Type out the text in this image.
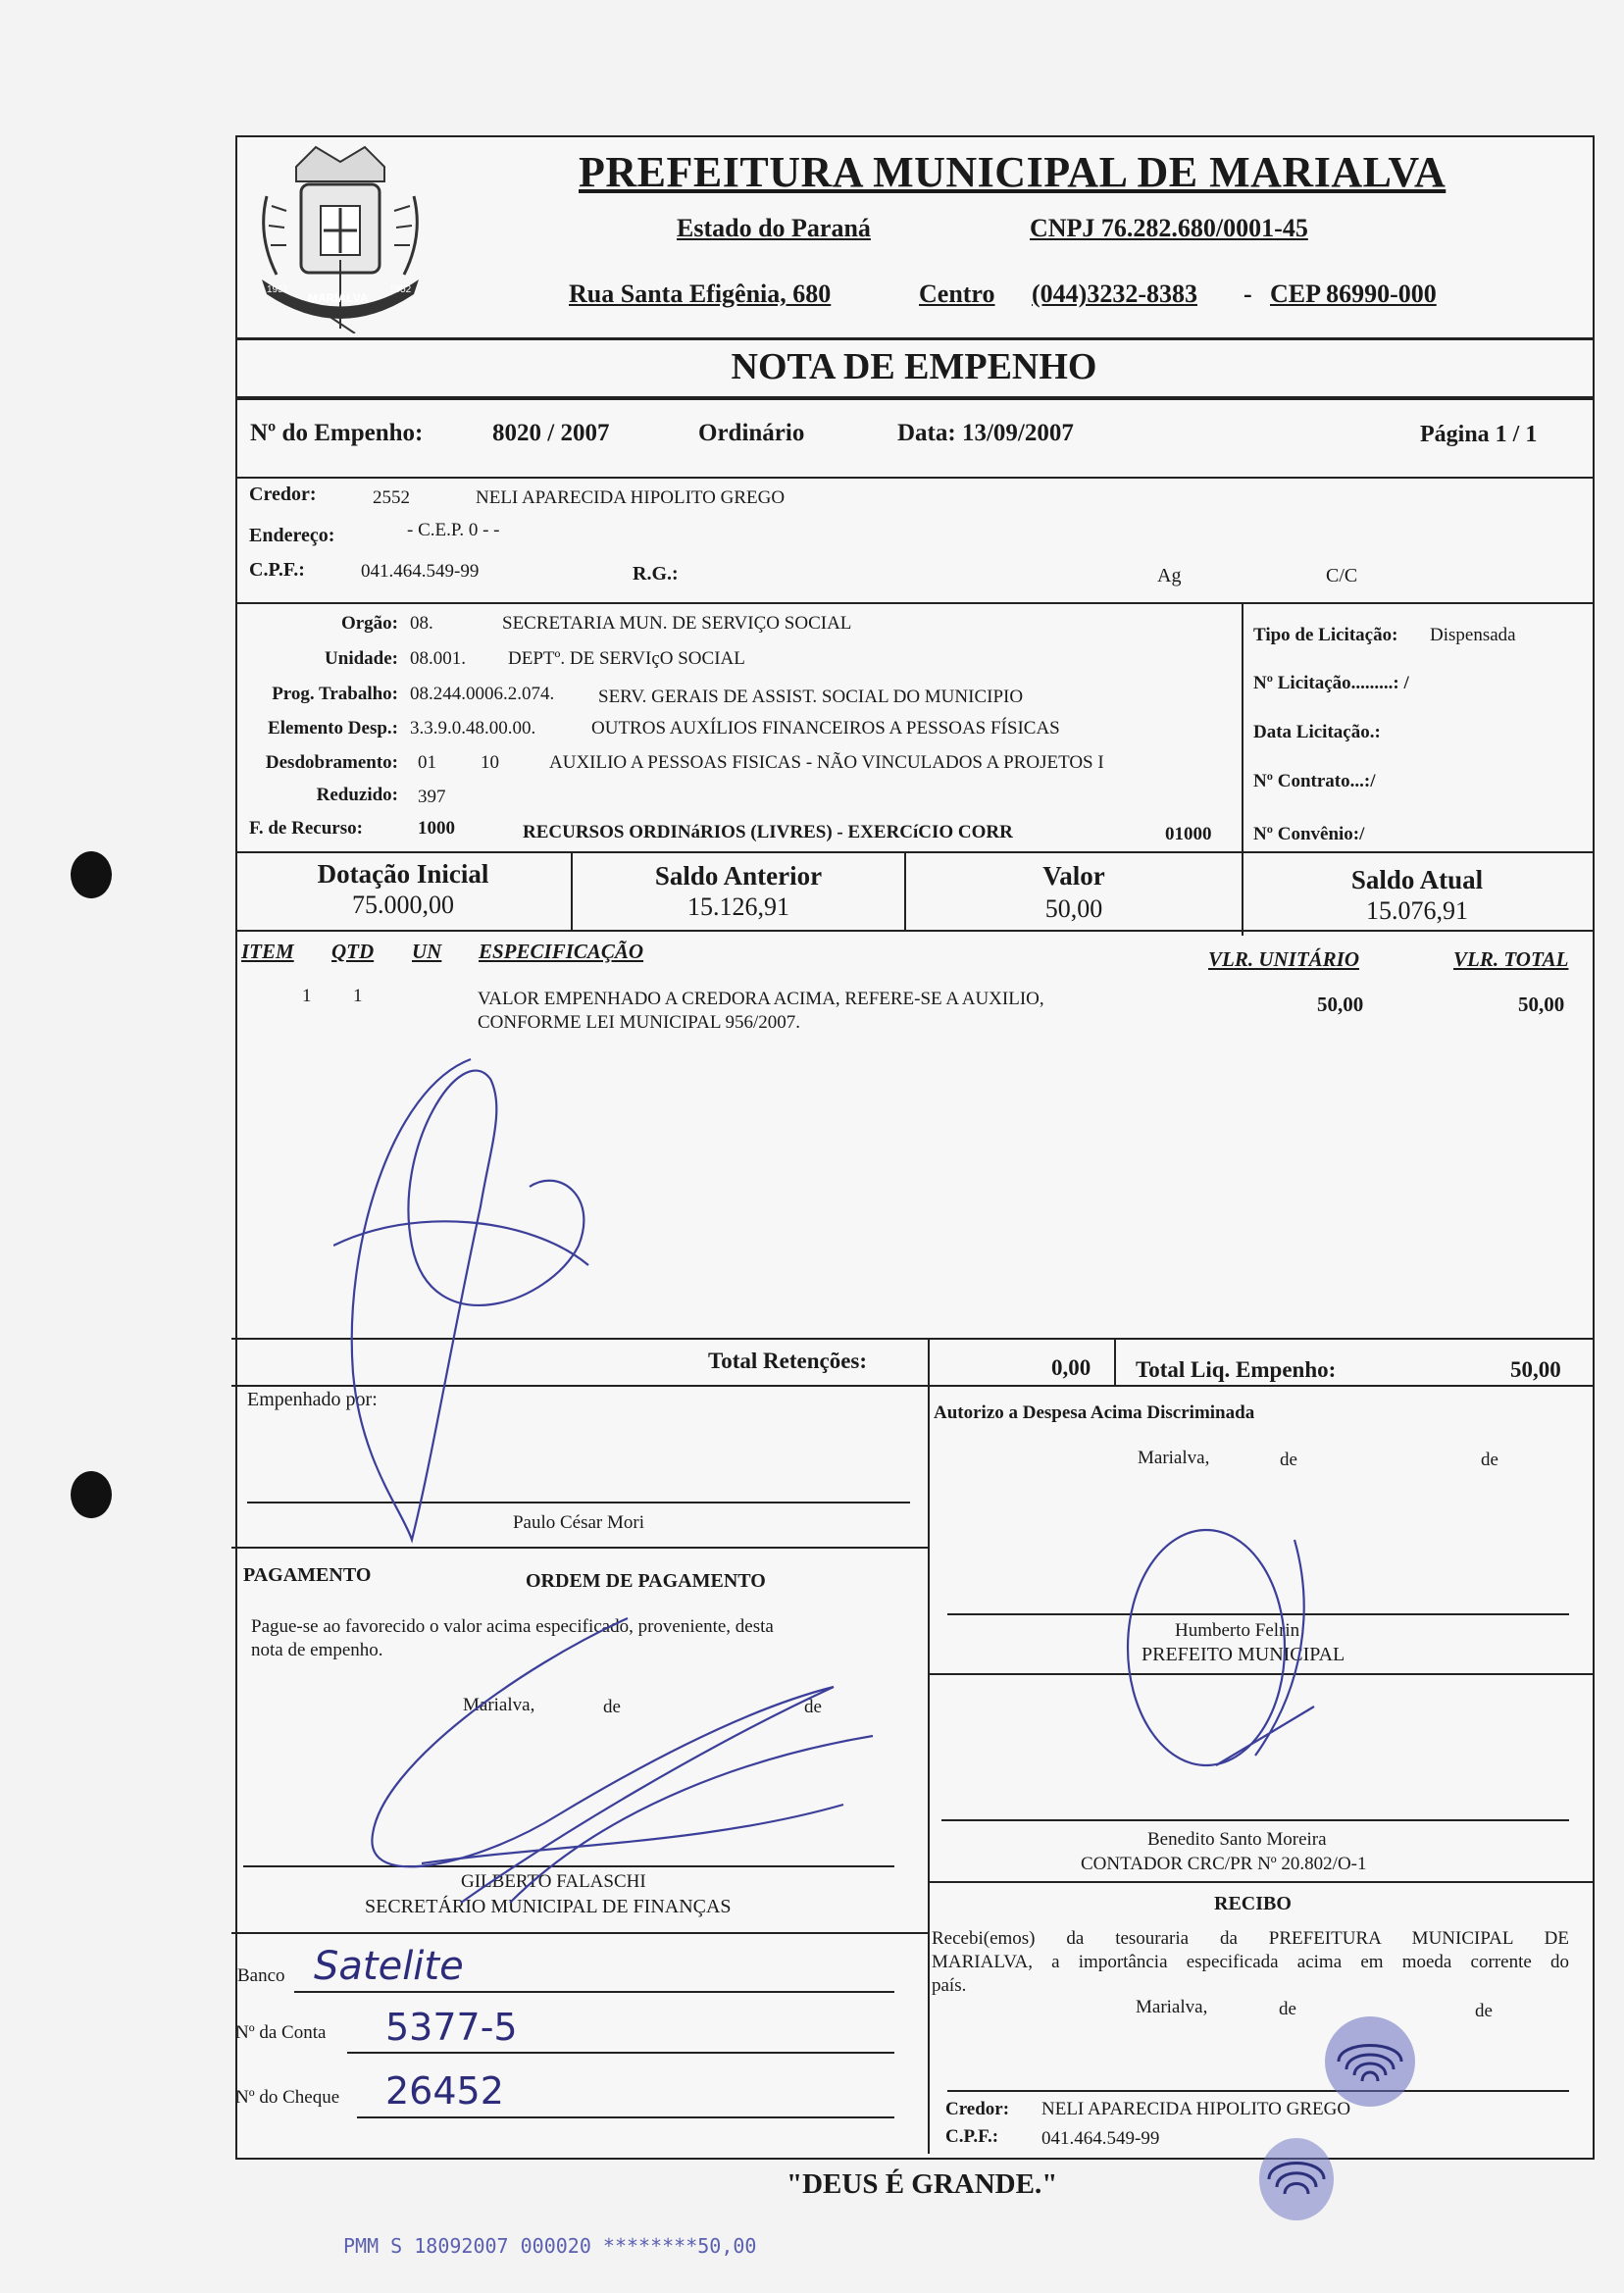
MARIALVA
1951	1952
PREFEITURA MUNICIPAL DE MARIALVA
Estado do Paraná	CNPJ 76.282.680/0001-45
Rua Santa Efigênia, 680	Centro (044)3232-8383 - CEP 86990-000
NOTA DE EMPENHO
Nº do Empenho:	8020 / 2007	Ordinário	Data: 13/09/2007	Página 1 / 1
Credor:	2552	NELI APARECIDA HIPOLITO GREGO
Endereço:	- C.E.P. 0 - -
C.P.F.:	041.464.549-99	R.G.:	Ag	C/C
Orgão: 08.	SECRETARIA MUN. DE SERVIÇO SOCIAL
Unidade: 08.001. DEPTº. DE SERVIçO SOCIAL
Prog. Trabalho: 08.244.0006.2.074. SERV. GERAIS DE ASSIST. SOCIAL DO MUNICIPIO
Elemento Desp.: 3.3.9.0.48.00.00.	OUTROS AUXÍLIOS FINANCEIROS A PESSOAS FÍSICAS
Desdobramento: 01 10	AUXILIO A PESSOAS FISICAS - NÃO VINCULADOS A PROJETOS I
Reduzido: 397
F. de Recurso:	1000	RECURSOS ORDINáRIOS (LIVRES) - EXERCíCIO CORR	01000
Tipo de Licitação: Dispensada
Nº Licitação.........: /
Data Licitação.:
Nº Contrato...:/
Nº Convênio:/
Dotação Inicial
75.000,00
Saldo Anterior
15.126,91
Valor
50,00
Saldo Atual
15.076,91
ITEM QTD UN ESPECIFICAÇÃO	VLR. UNITÁRIO	VLR. TOTAL
1 1	VALOR EMPENHADO A CREDORA ACIMA, REFERE-SE A AUXILIO,
CONFORME LEI MUNICIPAL 956/2007.
50,00	50,00
Total Retenções:	0,00 Total Liq. Empenho:	50,00
Empenhado por:
Paulo César Mori
Autorizo a Despesa Acima Discriminada
Marialva,	de	de
Humberto Felrin
PREFEITO MUNICIPAL
Benedito Santo Moreira
CONTADOR CRC/PR Nº 20.802/O-1
PAGAMENTO	ORDEM DE PAGAMENTO
Pague-se ao favorecido o valor acima especificado, proveniente, desta
nota de empenho.
Marialva,	de	de
GILBERTO FALASCHI
SECRETÁRIO MUNICIPAL DE FINANÇAS	RECIBO
Recebi(emos) da tesouraria da PREFEITURA MUNICIPAL DE
MARIALVA, a importância especificada acima em moeda corrente do
país.
Marialva,	de	de
Credor: NELI APARECIDA HIPOLITO GREGO
C.P.F.: 041.464.549-99
Banco Satelite
Nº da Conta 5377-5
Nº do Cheque 26452
"DEUS É GRANDE."
PMM S 18092007 000020 ********50,00
